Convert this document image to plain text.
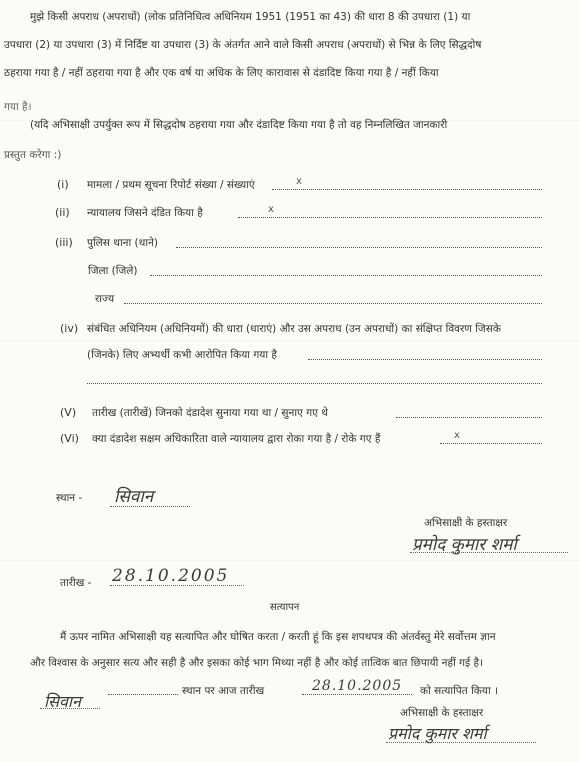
मुझे किसी अपराध (अपराधों) (लोक प्रतिनिधित्व अधिनियम 1951 (1951 का 43) की धारा 8 की उपधारा (1) या
उपधारा (2) या उपधारा (3) में निर्दिष्ट या उपधारा (3) के अंतर्गत आने वाले किसी अपराध (अपराधों) से भिन्न के लिए सिद्धदोष
ठहराया गया है / नहीं ठहराया गया है और एक वर्ष या अधिक के लिए कारावास से दंडादिष्ट किया गया है / नहीं किया
गया है।
(यदि अभिसाक्षी उपर्युक्त रूप में सिद्धदोष ठहराया गया और दंडादिष्ट किया गया है तो वह निम्नलिखित जानकारी
प्रस्तुत करेगा :)
(i) मामला / प्रथम सूचना रिपोर्ट संख्या / संख्याएं	x
(ii) न्यायालय जिसने दंडित किया है	x
(iii) पुलिस थाना (थाने)
जिला (जिले)
राज्य
(iv) संबंधित अधिनियम (अधिनियमों) की धारा (धाराएं) और उस अपराध (उन अपराधों) का संक्षिप्त विवरण जिसके
(जिनके) लिए अभ्यर्थी कभी आरोपित किया गया है
(V) तारीख (तारीखें) जिनको दंडादेश सुनाया गया था / सुनाए गए थे
(Vi) क्या दंडादेश सक्षम अधिकारिता वाले न्यायालय द्वारा रोका गया है / रोके गए हैं	x
स्थान - सिवान
अभिसाक्षी के हस्ताक्षर
प्रमोद कुमार शर्मा
तारीख - 28.10.2005
सत्यापन
मैं ऊपर नामित अभिसाक्षी यह सत्यापित और घोषित करता / करती हूं कि इस शपथपत्र की अंतर्वस्तु मेरे सर्वोत्तम ज्ञान
और विश्वास के अनुसार सत्य और सही है और इसका कोई भाग मिथ्या नहीं है और कोई तात्विक बात छिपायी नहीं गई है।
स्थान पर आज तारीख	28.10.2005 को सत्यापित किया ।
सिवान
अभिसाक्षी के हस्ताक्षर
प्रमोद कुमार शर्मा
